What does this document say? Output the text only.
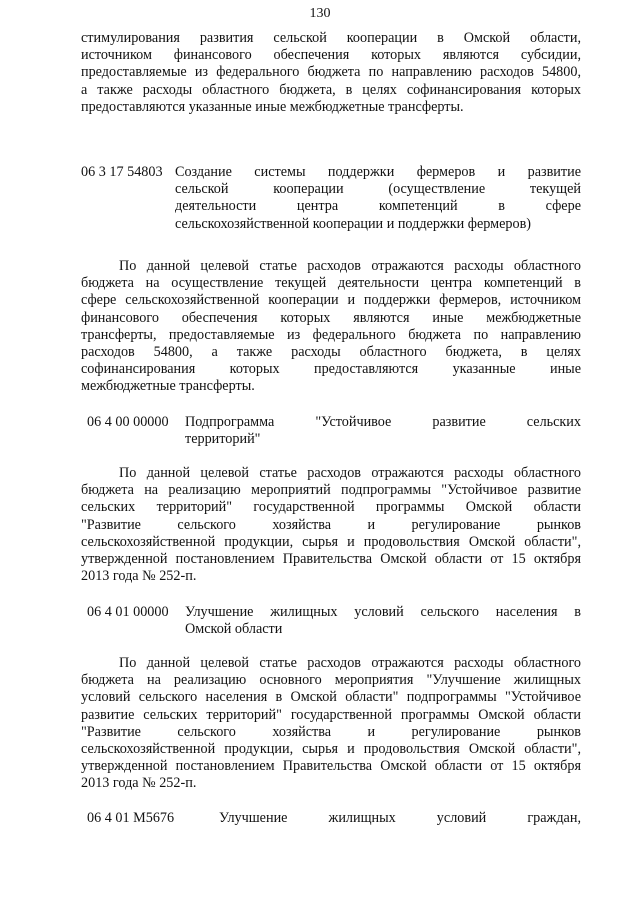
130
стимулирования развития сельской кооперации в Омской области,
источником финансового обеспечения которых являются субсидии,
предоставляемые из федерального бюджета по направлению расходов 54800,
а также расходы областного бюджета, в целях софинансирования которых
предоставляются указанные иные межбюджетные трансферты.
06 3 17 54803 Создание системы поддержки фермеров и развитие
сельской кооперации (осуществление текущей
деятельности центра компетенций в сфере
сельскохозяйственной кооперации и поддержки фермеров)
По данной целевой статье расходов отражаются расходы областного
бюджета на осуществление текущей деятельности центра компетенций в
сфере сельскохозяйственной кооперации и поддержки фермеров, источником
финансового обеспечения которых являются иные межбюджетные
трансферты, предоставляемые из федерального бюджета по направлению
расходов 54800, а также расходы областного бюджета, в целях
софинансирования которых предоставляются указанные иные
межбюджетные трансферты.
06 4 00 00000 Подпрограмма "Устойчивое развитие сельских
территорий"
По данной целевой статье расходов отражаются расходы областного
бюджета на реализацию мероприятий подпрограммы "Устойчивое развитие
сельских территорий" государственной программы Омской области
"Развитие сельского хозяйства и регулирование рынков
сельскохозяйственной продукции, сырья и продовольствия Омской области",
утвержденной постановлением Правительства Омской области от 15 октября
2013 года № 252-п.
06 4 01 00000 Улучшение жилищных условий сельского населения в
Омской области
По данной целевой статье расходов отражаются расходы областного
бюджета на реализацию основного мероприятия "Улучшение жилищных
условий сельского населения в Омской области" подпрограммы "Устойчивое
развитие сельских территорий" государственной программы Омской области
"Развитие сельского хозяйства и регулирование рынков
сельскохозяйственной продукции, сырья и продовольствия Омской области",
утвержденной постановлением Правительства Омской области от 15 октября
2013 года № 252-п.
06 4 01 M5676	Улучшение жилищных условий граждан,
